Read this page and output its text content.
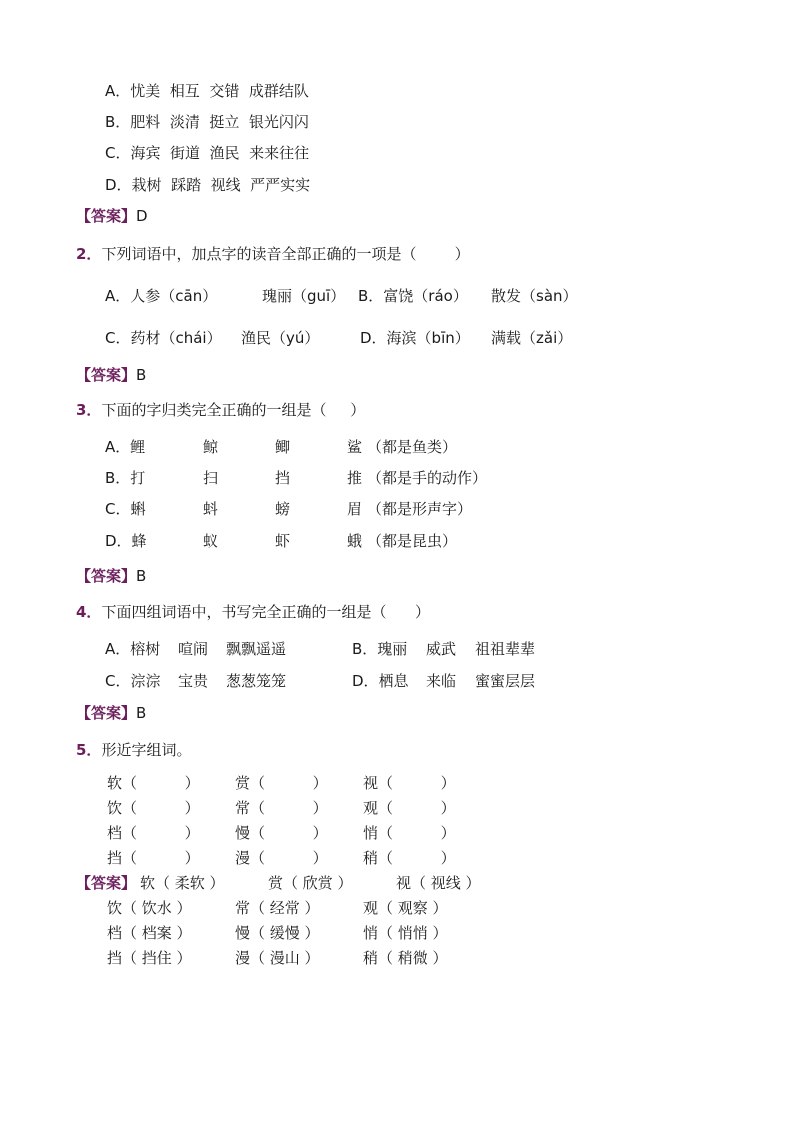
A．忧美  相互  交错  成群结队
B．肥料  淡清  挺立  银光闪闪
C．海宾  街道  渔民  来来往往
D．栽树  踩踏  视线  严严实实
【答案】D
2．下列词语中，加点字的读音全部正确的一项是（        ）
A．人参（cān）	瑰丽（guī） B．富饶（ráo） 散发（sàn）
C．药材（chái） 渔民（yú）	D．海滨（bīn） 满载（zǎi）
【答案】B
3．下面的字归类完全正确的一组是（     ）
A．鲤	鲸	鲫	鲨 （都是鱼类）
B．打	扫	挡	推 （都是手的动作）
C．蝌	蚪	螃	眉 （都是形声字）
D．蜂	蚁	虾	蛾 （都是昆虫）
【答案】B
4．下面四组词语中，书写完全正确的一组是（      ）
A．榕树 喧闹 飘飘遥遥	B．瑰丽 威武 祖祖辈辈
C．淙淙 宝贵 葱葱笼笼	D．栖息 来临 蜜蜜层层
【答案】B
5．形近字组词。
软（          ） 赏（          ） 视（          ）
饮（          ） 常（          ） 观（          ）
档（          ） 慢（          ） 悄（          ）
挡（          ） 漫（          ） 稍（          ）
【答案】 软（ 柔软 ）	赏（ 欣赏 ）	视（ 视线 ）
饮（ 饮水 ）	常（ 经常 ）	观（ 观察 ）
档（ 档案 ）	慢（ 缓慢 ）	悄（ 悄悄 ）
挡（ 挡住 ）	漫（ 漫山 ）	稍（ 稍微 ）
